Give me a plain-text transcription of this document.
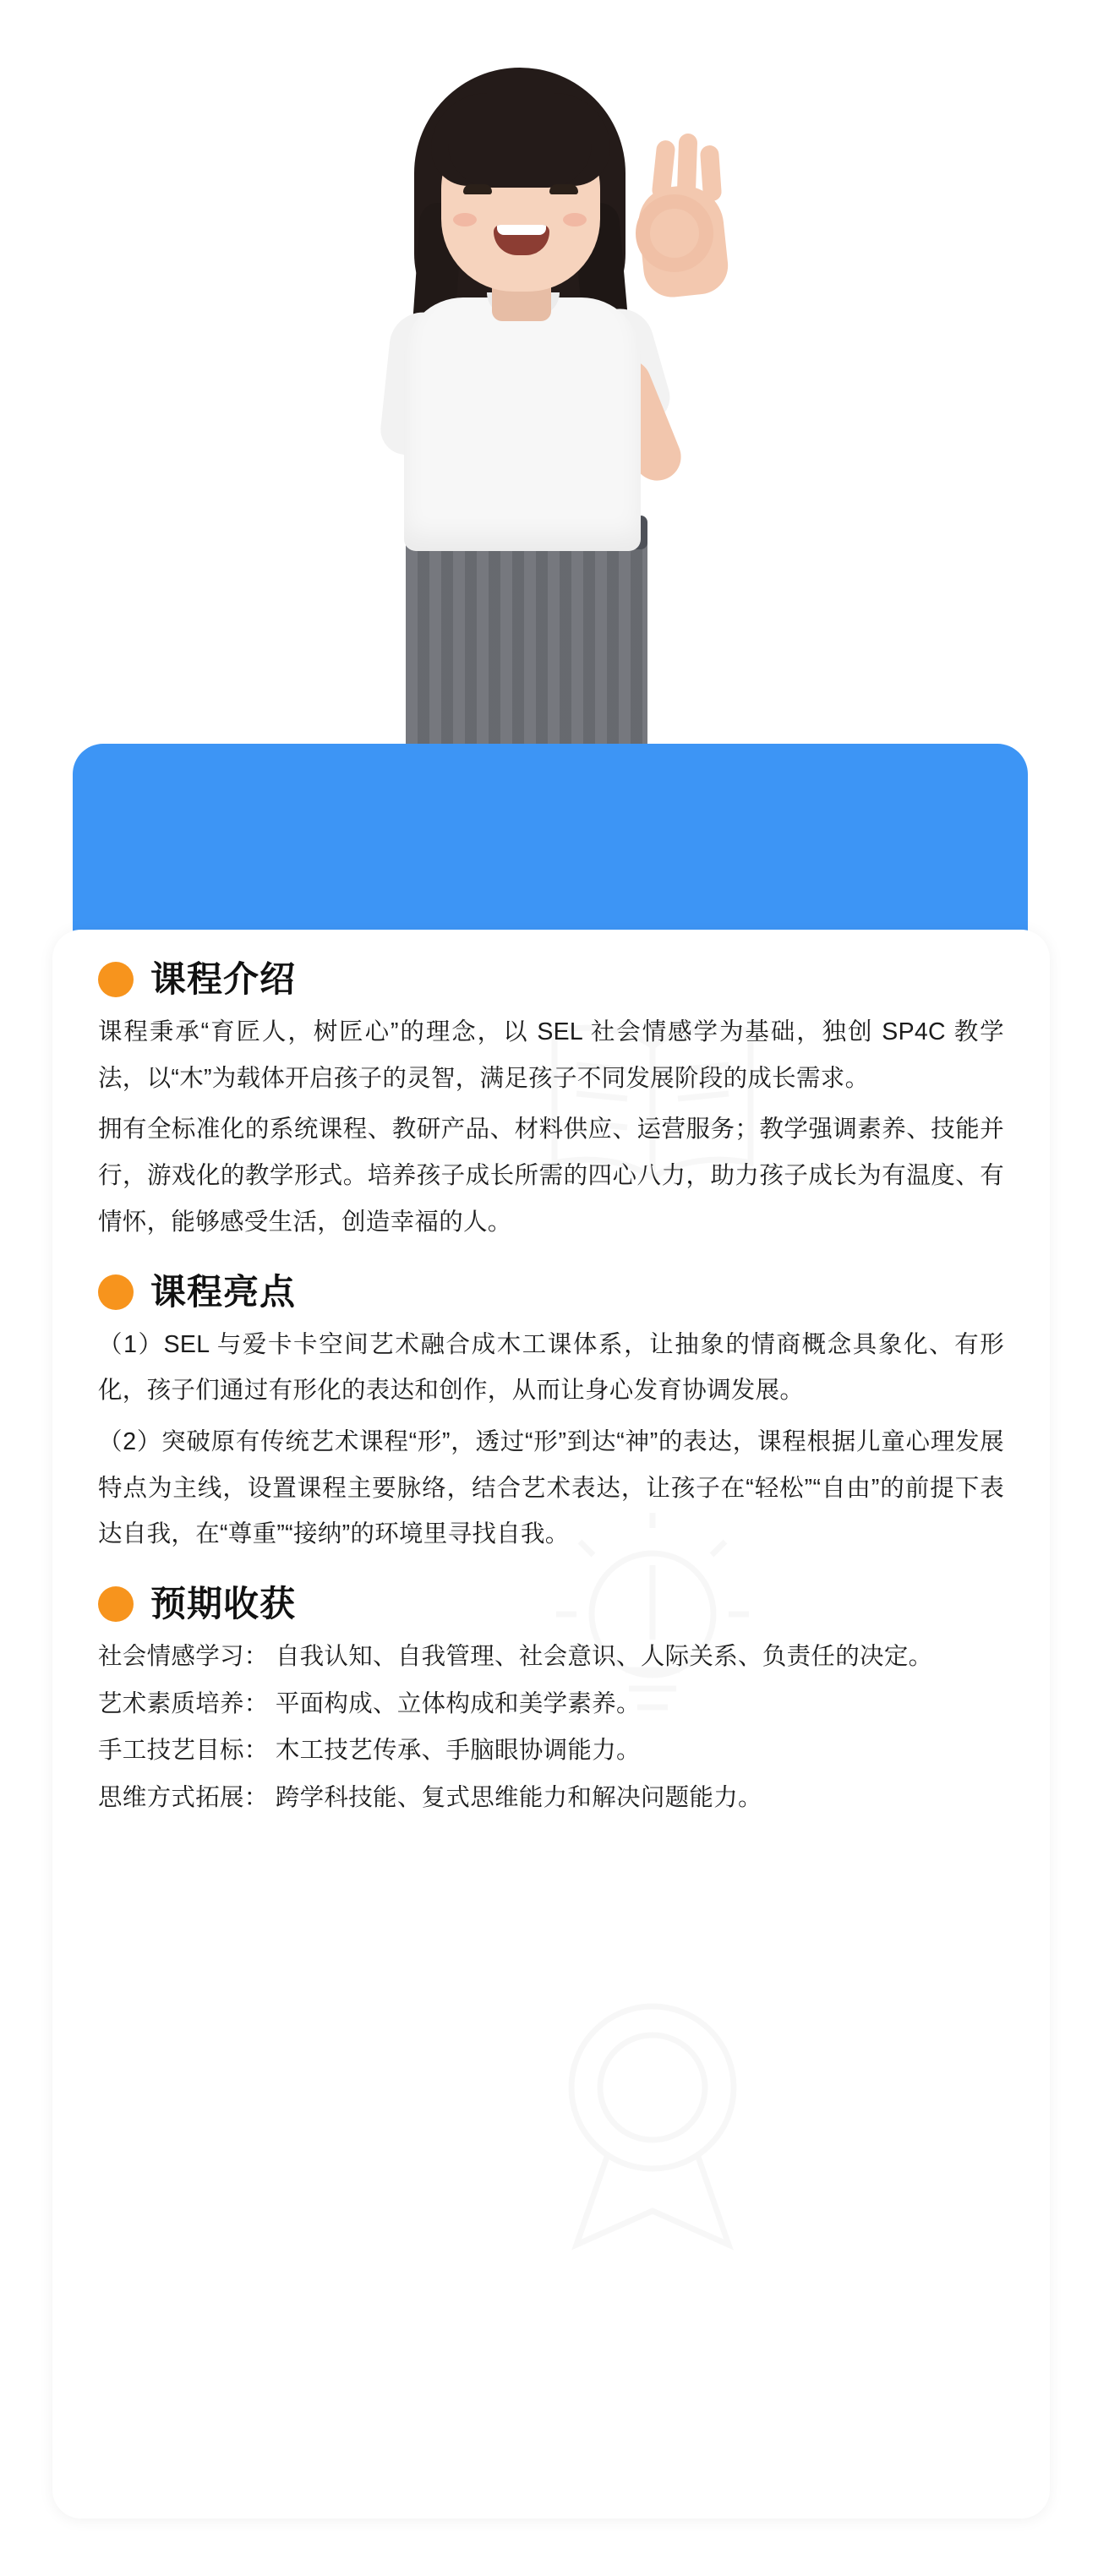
课程介绍

课程秉承“育匠人，树匠心”的理念，以 SEL 社会情感学为基础，独创 SP4C 教学法，以“木”为载体开启孩子的灵智，满足孩子不同发展阶段的成长需求。

拥有全标准化的系统课程、教研产品、材料供应、运营服务；教学强调素养、技能并行，游戏化的教学形式。培养孩子成长所需的四心八力，助力孩子成长为有温度、有情怀，能够感受生活，创造幸福的人。

课程亮点

（1）SEL 与爱卡卡空间艺术融合成木工课体系，让抽象的情商概念具象化、有形化，孩子们通过有形化的表达和创作，从而让身心发育协调发展。

（2）突破原有传统艺术课程“形”，透过“形”到达“神”的表达，课程根据儿童心理发展特点为主线，设置课程主要脉络，结合艺术表达，让孩子在“轻松”“自由”的前提下表达自我，在“尊重”“接纳”的环境里寻找自我。

预期收获

社会情感学习： 自我认知、自我管理、社会意识、人际关系、负责任的决定。

艺术素质培养： 平面构成、立体构成和美学素养。

手工技艺目标： 木工技艺传承、手脑眼协调能力。

思维方式拓展： 跨学科技能、复式思维能力和解决问题能力。
